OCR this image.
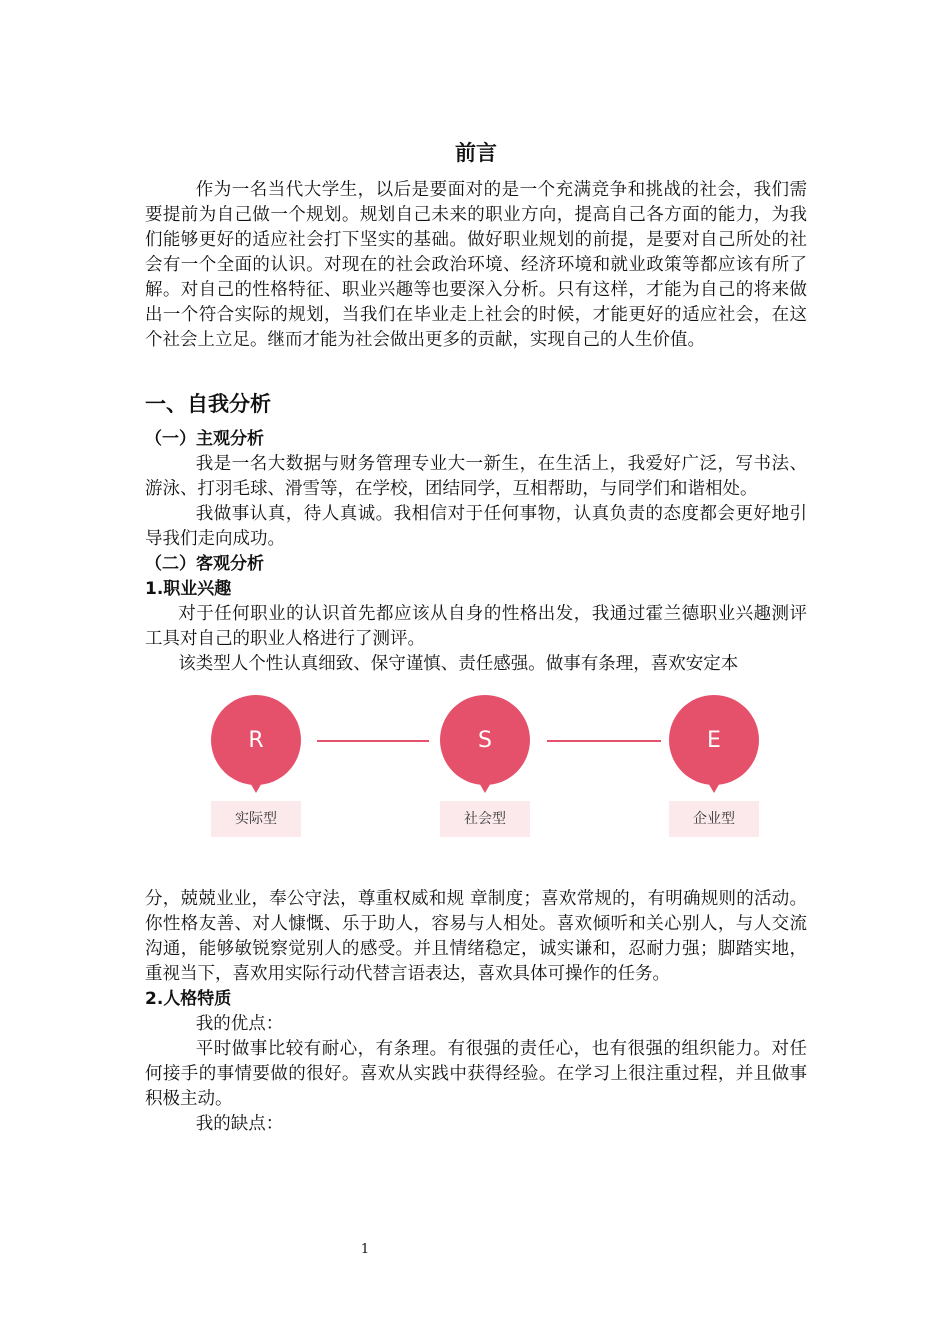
前言

作为一名当代大学生，以后是要面对的是一个充满竞争和挑战的社会，我们需要提前为自己做一个规划。规划自己未来的职业方向，提高自己各方面的能力，为我们能够更好的适应社会打下坚实的基础。做好职业规划的前提，是要对自己所处的社会有一个全面的认识。对现在的社会政治环境、经济环境和就业政策等都应该有所了解。对自己的性格特征、职业兴趣等也要深入分析。只有这样，才能为自己的将来做出一个符合实际的规划，当我们在毕业走上社会的时候，才能更好的适应社会，在这个社会上立足。继而才能为社会做出更多的贡献，实现自己的人生价值。

一、自我分析
（一）主观分析

我是一名大数据与财务管理专业大一新生，在生活上，我爱好广泛，写书法、游泳、打羽毛球、滑雪等，在学校，团结同学，互相帮助，与同学们和谐相处。

我做事认真，待人真诚。我相信对于任何事物，认真负责的态度都会更好地引导我们走向成功。

（二）客观分析
1.职业兴趣

对于任何职业的认识首先都应该从自身的性格出发，我通过霍兰德职业兴趣测评工具对自己的职业人格进行了测评。

该类型人个性认真细致、保守谨慎、责任感强。做事有条理，喜欢安定本

R	S	E
实际型	社会型	企业型

分，兢兢业业，奉公守法，尊重权威和规 章制度；喜欢常规的，有明确规则的活动。 你性格友善、对人慷慨、乐于助人，容易与人相处。喜欢倾听和关心别人，与人交流沟通，能够敏锐察觉别人的感受。并且情绪稳定，诚实谦和，忍耐力强；脚踏实地，重视当下，喜欢用实际行动代替言语表达，喜欢具体可操作的任务。

2.人格特质

我的优点：

平时做事比较有耐心，有条理。有很强的责任心，也有很强的组织能力。对任何接手的事情要做的很好。喜欢从实践中获得经验。在学习上很注重过程，并且做事积极主动。

我的缺点：

1
